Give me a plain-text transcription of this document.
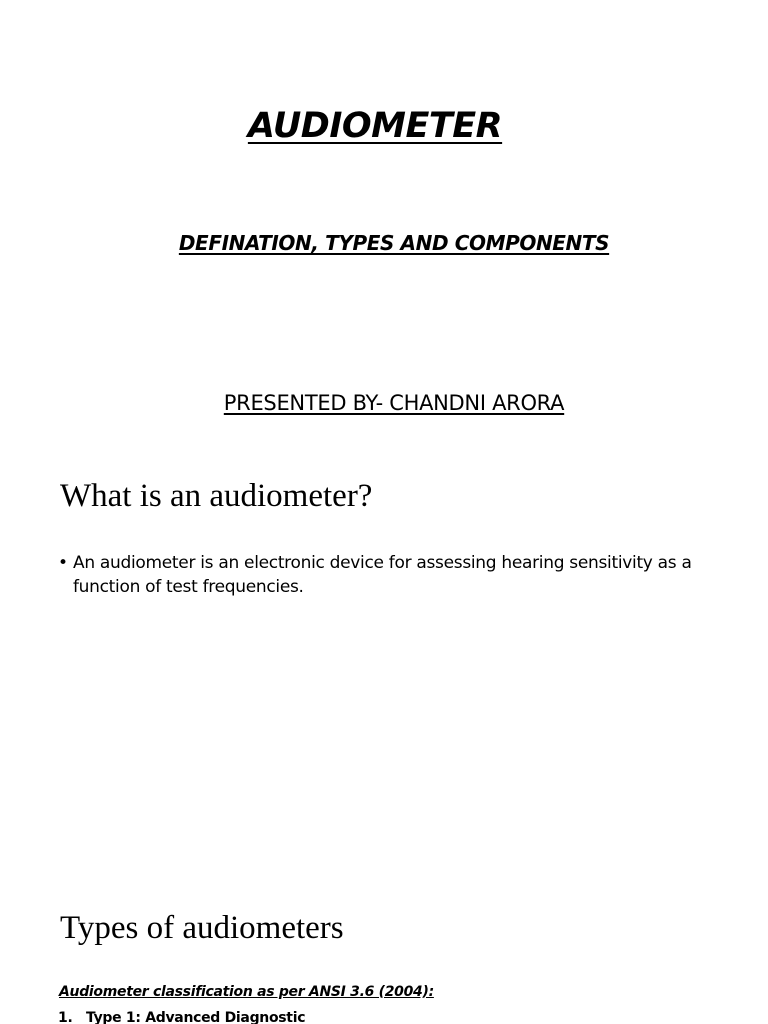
AUDIOMETER
DEFINATION, TYPES AND COMPONENTS
PRESENTED BY- CHANDNI ARORA
What is an audiometer?
• An audiometer is an electronic device for assessing hearing sensitivity as a function of test frequencies.
Types of audiometers
Audiometer classification as per ANSI 3.6 (2004):
1. Type 1: Advanced Diagnostic
